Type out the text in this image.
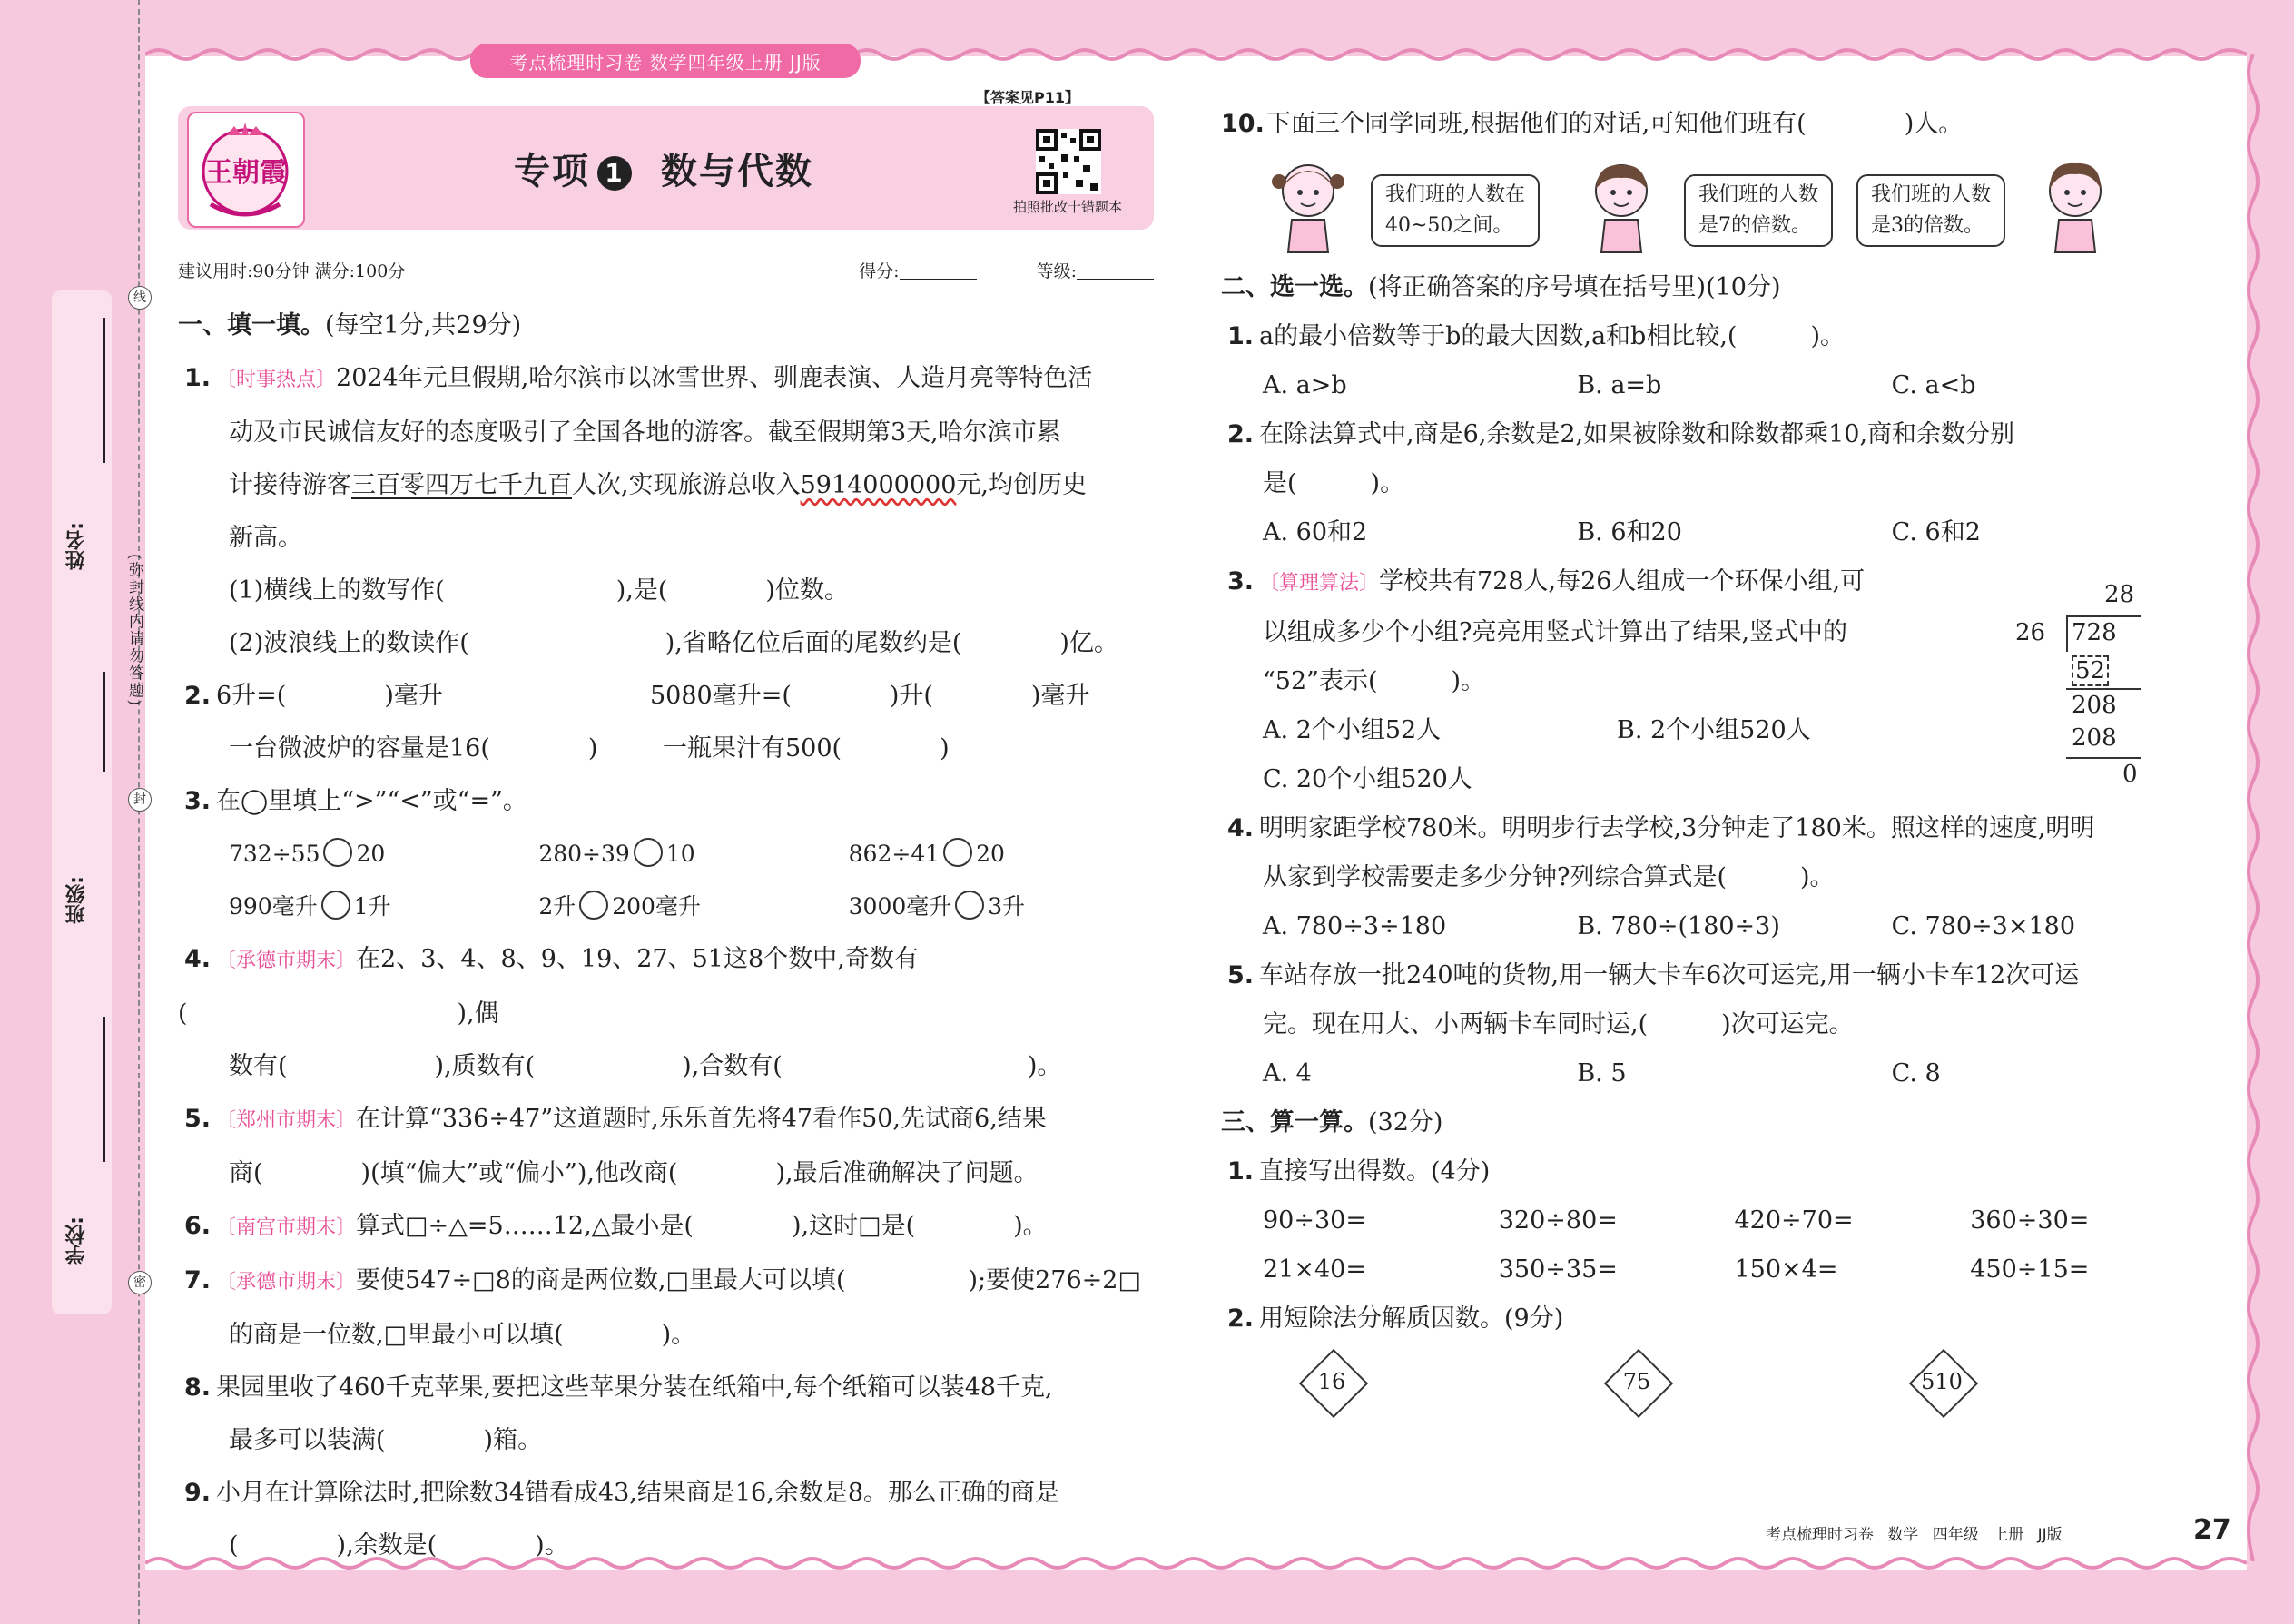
线
封
密
(弥封线内请勿答题)
姓名:
班级:
学校:
考点梳理时习卷 数学四年级上册 JJ版
【答案见P11】
王朝霞	专项 1 数与代数
拍照批改十错题本
建议用时:90分钟 满分:100分	得分:	等级:
一、填一填。(每空1分,共29分)
1. 〔时事热点〕2024年元旦假期,哈尔滨市以冰雪世界、驯鹿表演、人造月亮等特色活
动及市民诚信友好的态度吸引了全国各地的游客。截至假期第3天,哈尔滨市累
计接待游客三百零四万七千九百人次,实现旅游总收入5914000000元,均创历史
新高。
(1)横线上的数写作(　　　　　　　),是(　　　　)位数。
(2)波浪线上的数读作(　　　　　　　　),省略亿位后面的尾数约是(　　　　)亿。
2. 6升=(　　　　)毫升	5080毫升=(　　　　)升(　　　　)毫升
一台微波炉的容量是16(　　　　)	一瓶果汁有500(　　　　)
3. 在◯里填上“>”“<”或“=”。
732÷55 20	280÷39 10	862÷41 20
990毫升 1升	2升 200毫升	3000毫升 3升
4. 〔承德市期末〕在2、3、4、8、9、19、27、51这8个数中,奇数有(　　　　　　　　　　　),偶
数有(　　　　　　),质数有(　　　　　　),合数有(　　　　　　　　　　)。
5. 〔郑州市期末〕在计算“336÷47”这道题时,乐乐首先将47看作50,先试商6,结果
商(　　　　)(填“偏大”或“偏小”),他改商(　　　　),最后准确解决了问题。
6. 〔南宫市期末〕算式□÷△=5……12,△最小是(　　　　),这时□是(　　　　)。
7. 〔承德市期末〕要使547÷□8的商是两位数,□里最大可以填(　　　　　);要使276÷2□
的商是一位数,□里最小可以填(　　　　)。
8. 果园里收了460千克苹果,要把这些苹果分装在纸箱中,每个纸箱可以装48千克,
最多可以装满(　　　　)箱。
9. 小月在计算除法时,把除数34错看成43,结果商是16,余数是8。那么正确的商是
(　　　　),余数是(　　　　)。
10.下面三个同学同班,根据他们的对话,可知他们班有(　　　　)人。
我们班的人数在
40~50之间。
我们班的人数
是7的倍数。
我们班的人数
是3的倍数。
二、选一选。(将正确答案的序号填在括号里)(10分)
1. a的最小倍数等于b的最大因数,a和b相比较,(　　　)。
A. a>b	B. a=b	C. a<b
2. 在除法算式中,商是6,余数是2,如果被除数和除数都乘10,商和余数分别
是(　　　)。
A. 60和2	B. 6和20	C. 6和2
3. 〔算理算法〕学校共有728人,每26人组成一个环保小组,可
以组成多少个小组?亮亮用竖式计算出了结果,竖式中的
“52”表示(　　　)。
A. 2个小组52人	B. 2个小组520人
C. 20个小组520人
4. 明明家距学校780米。明明步行去学校,3分钟走了180米。照这样的速度,明明
从家到学校需要走多少分钟?列综合算式是(　　　)。
A. 780÷3÷180	B. 780÷(180÷3)	C. 780÷3×180
5. 车站存放一批240吨的货物,用一辆大卡车6次可运完,用一辆小卡车12次可运
完。现在用大、小两辆卡车同时运,(　　　)次可运完。
A. 4	B. 5	C. 8
三、算一算。(32分)
1. 直接写出得数。(4分)
90÷30=	320÷80=	420÷70=	360÷30=
21×40=	350÷35=	150×4=	450÷15=
2. 用短除法分解质因数。(9分)
28
26 728
52
208
208
0
16	75	510
考点梳理时习卷 数学 四年级 上册 JJ版	27
